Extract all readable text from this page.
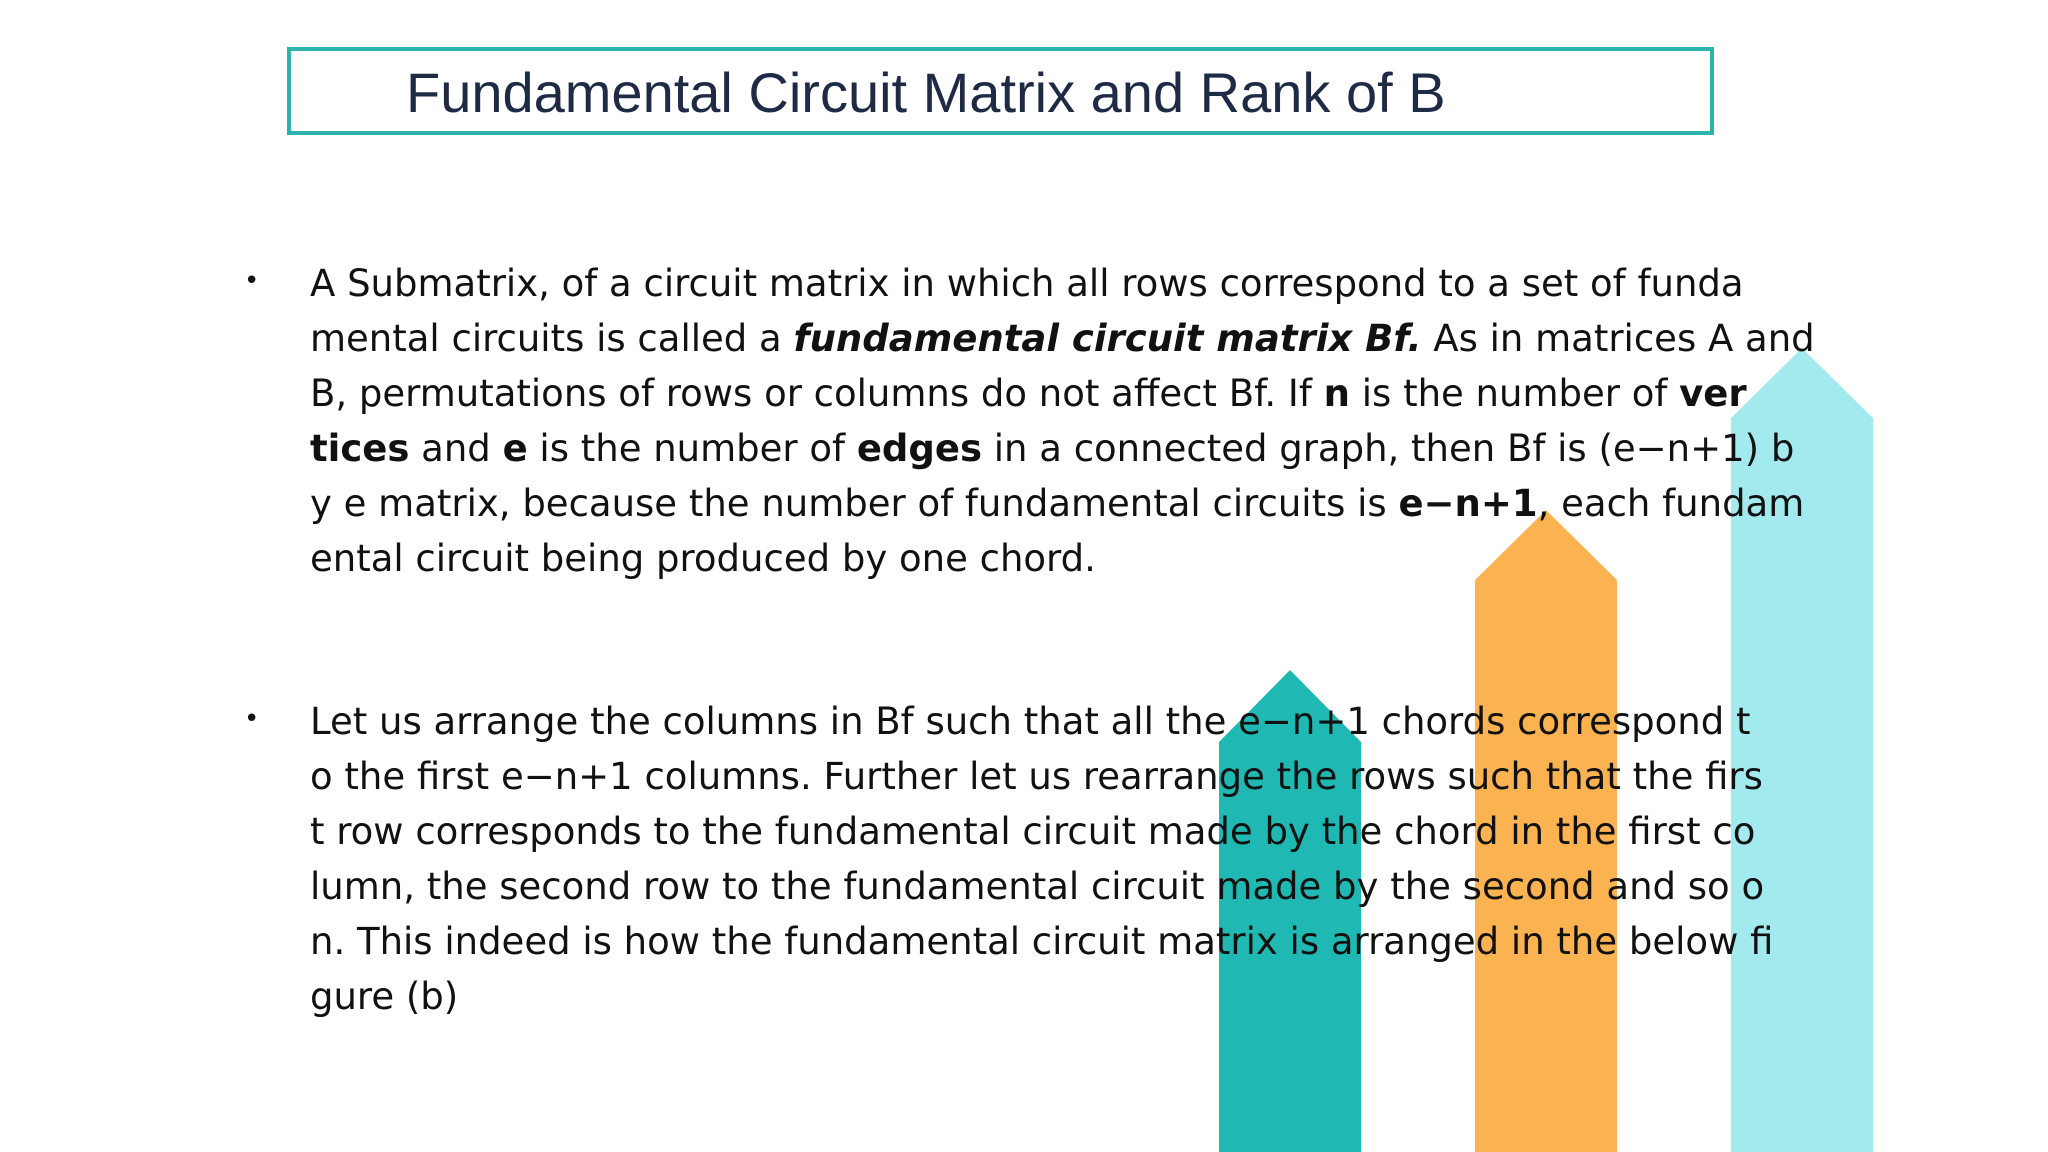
Fundamental Circuit Matrix and Rank of B
• A Submatrix, of a circuit matrix in which all rows correspond to a set of funda
mental circuits is called a fundamental circuit matrix Bf. As in matrices A and
B, permutations of rows or columns do not affect Bf. If n is the number of ver
tices and e is the number of edges in a connected graph, then Bf is (e−n+1) b
y e matrix, because the number of fundamental circuits is e−n+1, each fundam
ental circuit being produced by one chord.
• Let us arrange the columns in Bf such that all the e−n+1 chords correspond t
o the first e−n+1 columns. Further let us rearrange the rows such that the firs
t row corresponds to the fundamental circuit made by the chord in the first co
lumn, the second row to the fundamental circuit made by the second and so o
n. This indeed is how the fundamental circuit matrix is arranged in the below fi
gure (b)
